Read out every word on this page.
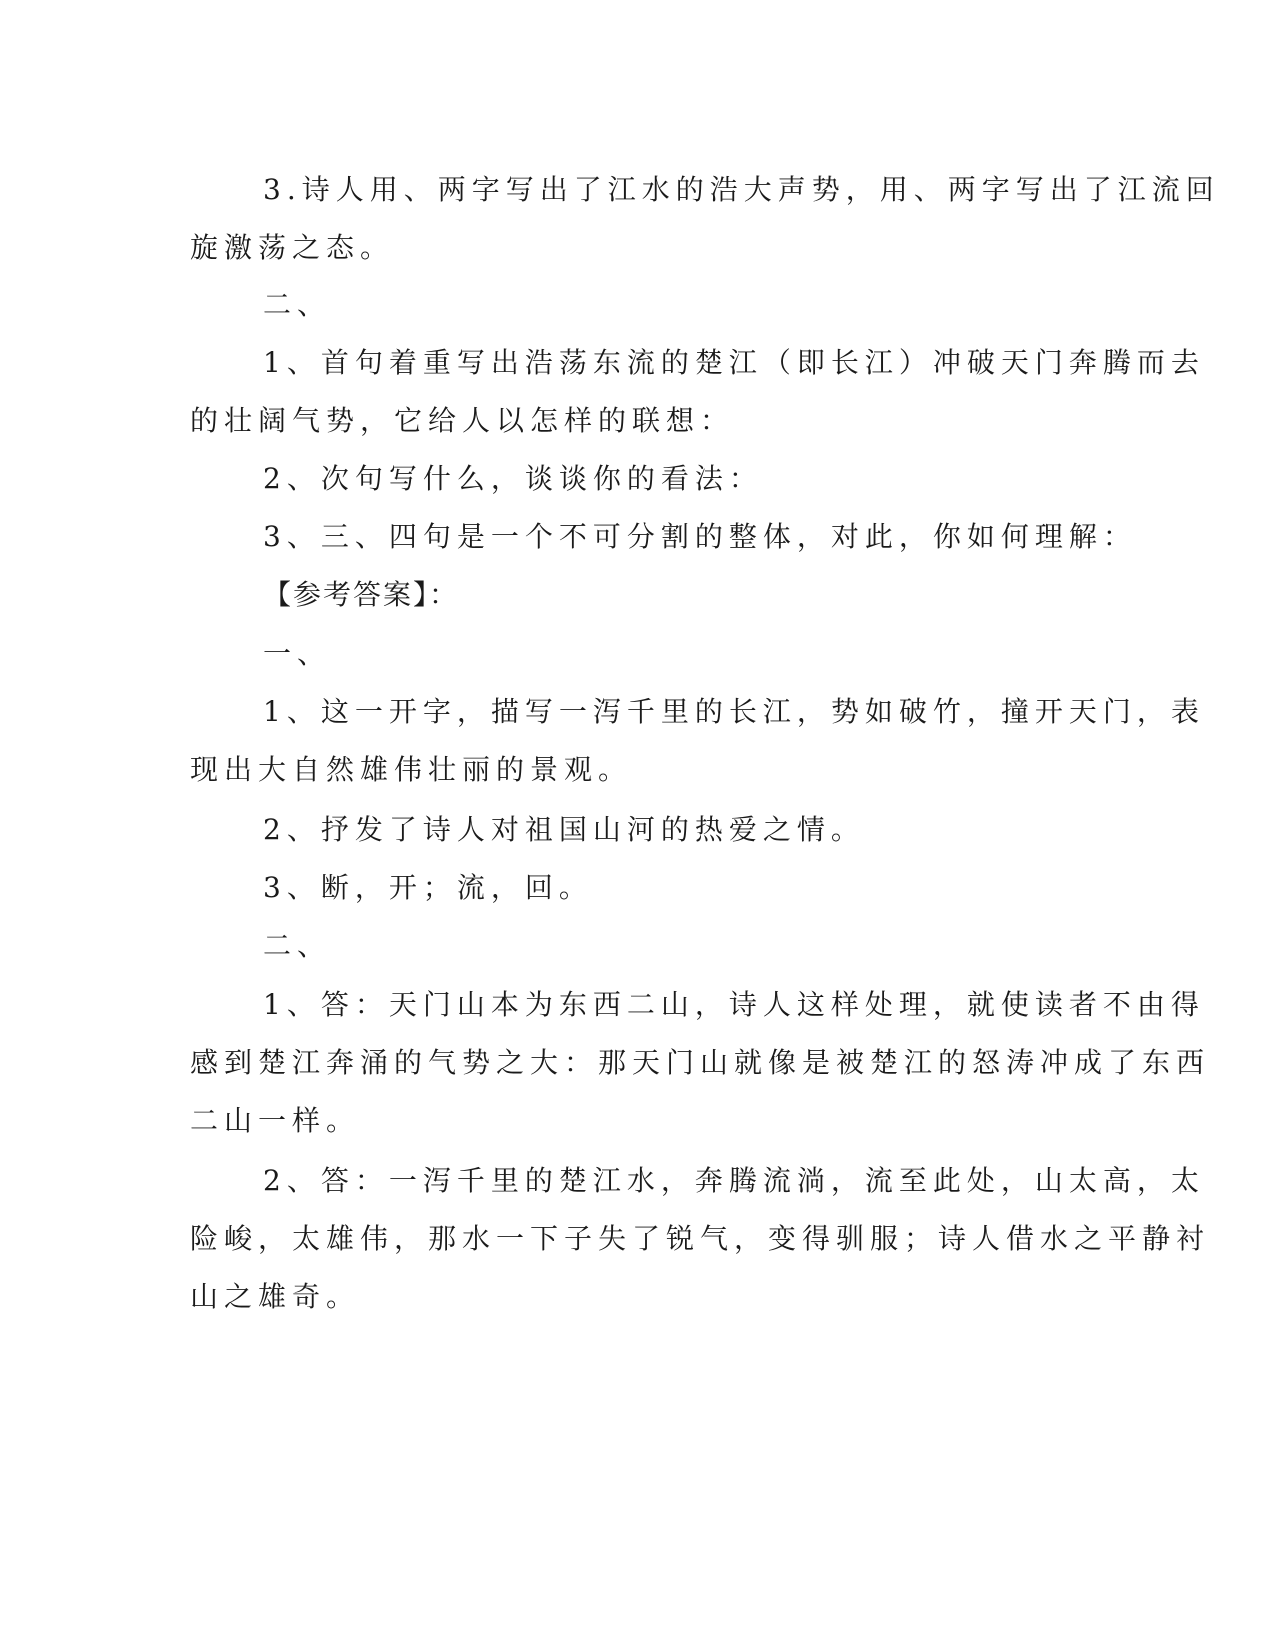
3.诗人用、两字写出了江水的浩大声势，用、两字写出了江流回
旋激荡之态。
二、
1、首句着重写出浩荡东流的楚江（即长江）冲破天门奔腾而去
的壮阔气势，它给人以怎样的联想：
2、次句写什么，谈谈你的看法：
3、三、四句是一个不可分割的整体，对此，你如何理解：
【参考答案】：
一、
1、这一开字，描写一泻千里的长江，势如破竹，撞开天门，表
现出大自然雄伟壮丽的景观。
2、抒发了诗人对祖国山河的热爱之情。
3、断，开；流，回。
二、
1、答：天门山本为东西二山，诗人这样处理，就使读者不由得
感到楚江奔涌的气势之大：那天门山就像是被楚江的怒涛冲成了东西
二山一样。
2、答：一泻千里的楚江水，奔腾流淌，流至此处，山太高，太
险峻，太雄伟，那水一下子失了锐气，变得驯服；诗人借水之平静衬
山之雄奇。
